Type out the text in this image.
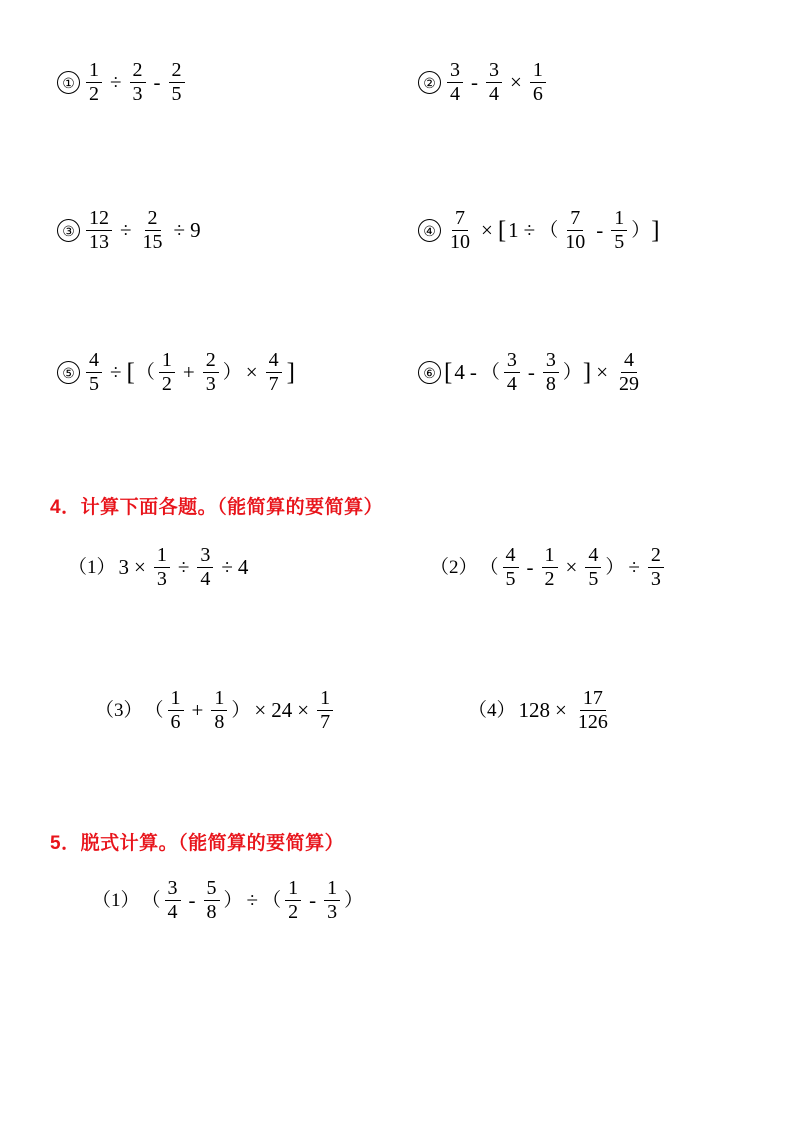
① $\frac{1}{2} \div \frac{2}{3} - \frac{2}{5}$	② $\frac{3}{4} - \frac{3}{4} \times \frac{1}{6}$
③ $\frac{12}{13} \div \frac{2}{15} \div 9$	④ $\frac{7}{10}$ × [ 1 ÷ （ $\frac{7}{10} - \frac{1}{5}$ ） ]
⑤ $\frac{4}{5}$ ÷ [ （ $\frac{1}{2} + \frac{2}{3}$ ） × $\frac{4}{7}$ ]	⑥ [ 4 - （ $\frac{3}{4} - \frac{3}{8}$ ） ] × $\frac{4}{29}$
4．计算下面各题。（能简算的要简算）
（1） $3 \times \frac{1}{3} \div \frac{3}{4} \div 4$	（2） （ $\frac{4}{5} - \frac{1}{2} \times \frac{4}{5}$ ） ÷ $\frac{2}{3}$
（3） （ $\frac{1}{6} + \frac{1}{8}$ ） × $24 \times \frac{1}{7}$	（4） $128 \times \frac{17}{126}$
5．脱式计算。（能简算的要简算）
（1） （ $\frac{3}{4} - \frac{5}{8}$ ） ÷ （ $\frac{1}{2} - \frac{1}{3}$ ）
